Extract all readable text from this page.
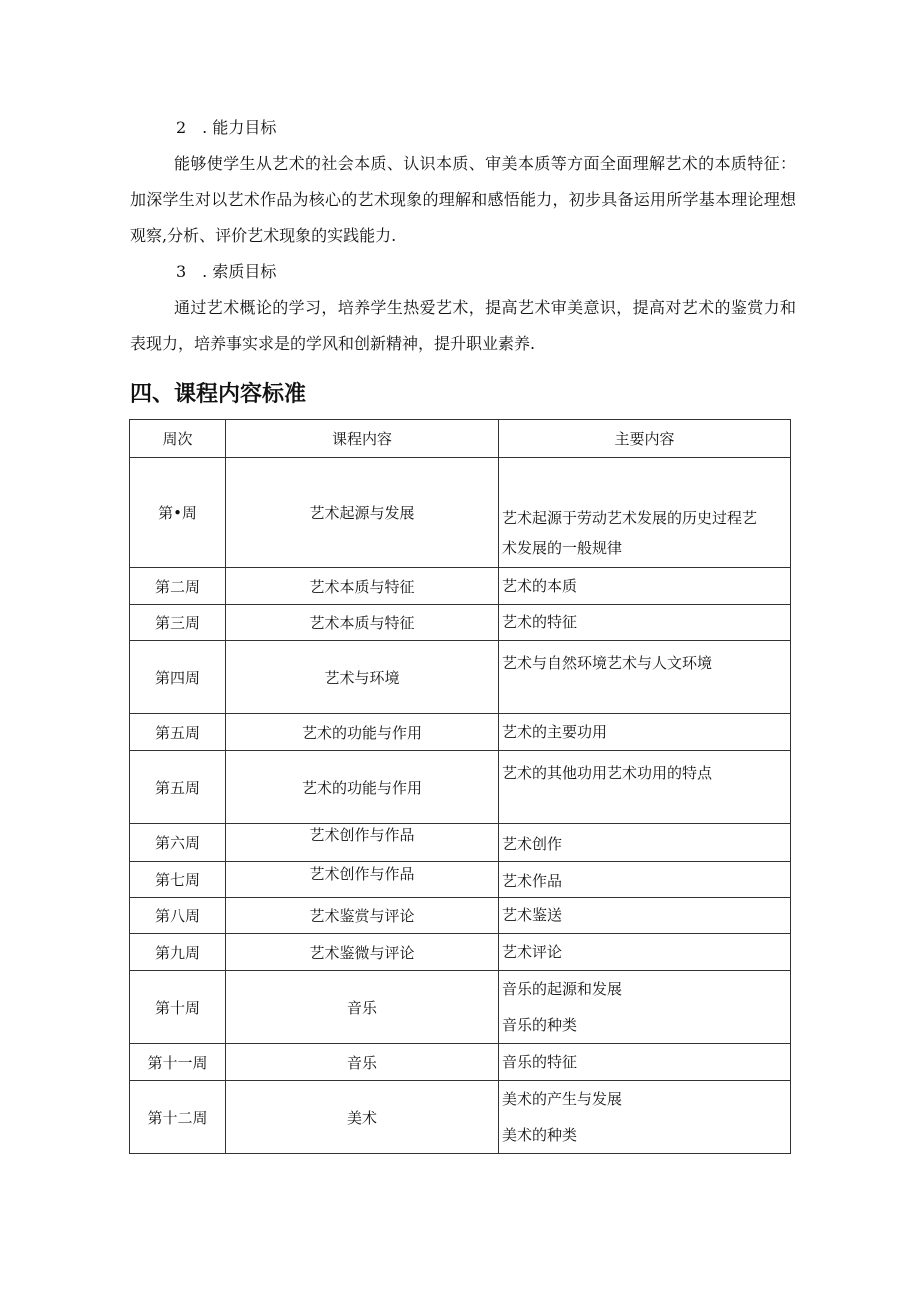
2　. 能力目标
能够使学生从艺术的社会本质、认识本质、审美本质等方面全面理解艺术的本质特征：加深学生对以艺术作品为核心的艺术现象的理解和感悟能力，初步具备运用所学基本理论理想观察,分析、评价艺术现象的实践能力.
3　. 索质目标
通过艺术概论的学习，培养学生热爱艺术，提高艺术审美意识，提高对艺术的鉴赏力和表现力，培养事实求是的学风和创新精神，提升职业素养.
四、课程内容标准
周次	课程内容	主要内容
第•周	艺术起源与发展	艺术起源于劳动艺术发展的历史过程艺
术发展的一般规律

第二周	艺术本质与特征	艺术的本质

第三周	艺术本质与特征	艺术的特征

第四周	艺术与环境	艺术与自然环境艺术与人文环境

第五周	艺术的功能与作用	艺术的主要功用

第五周	艺术的功能与作用	艺术的其他功用艺术功用的特点

第六周	艺术创作与作品	艺术创作

第七周	艺术创作与作品	艺术作品

第八周	艺术鉴赏与评论	艺术鉴送

第九周	艺术鉴微与评论	艺术评论

第十周	音乐	音乐的起源和发展
音乐的种类

第十一周	音乐	音乐的特征

第十二周	美术	美术的产生与发展
美术的种类
